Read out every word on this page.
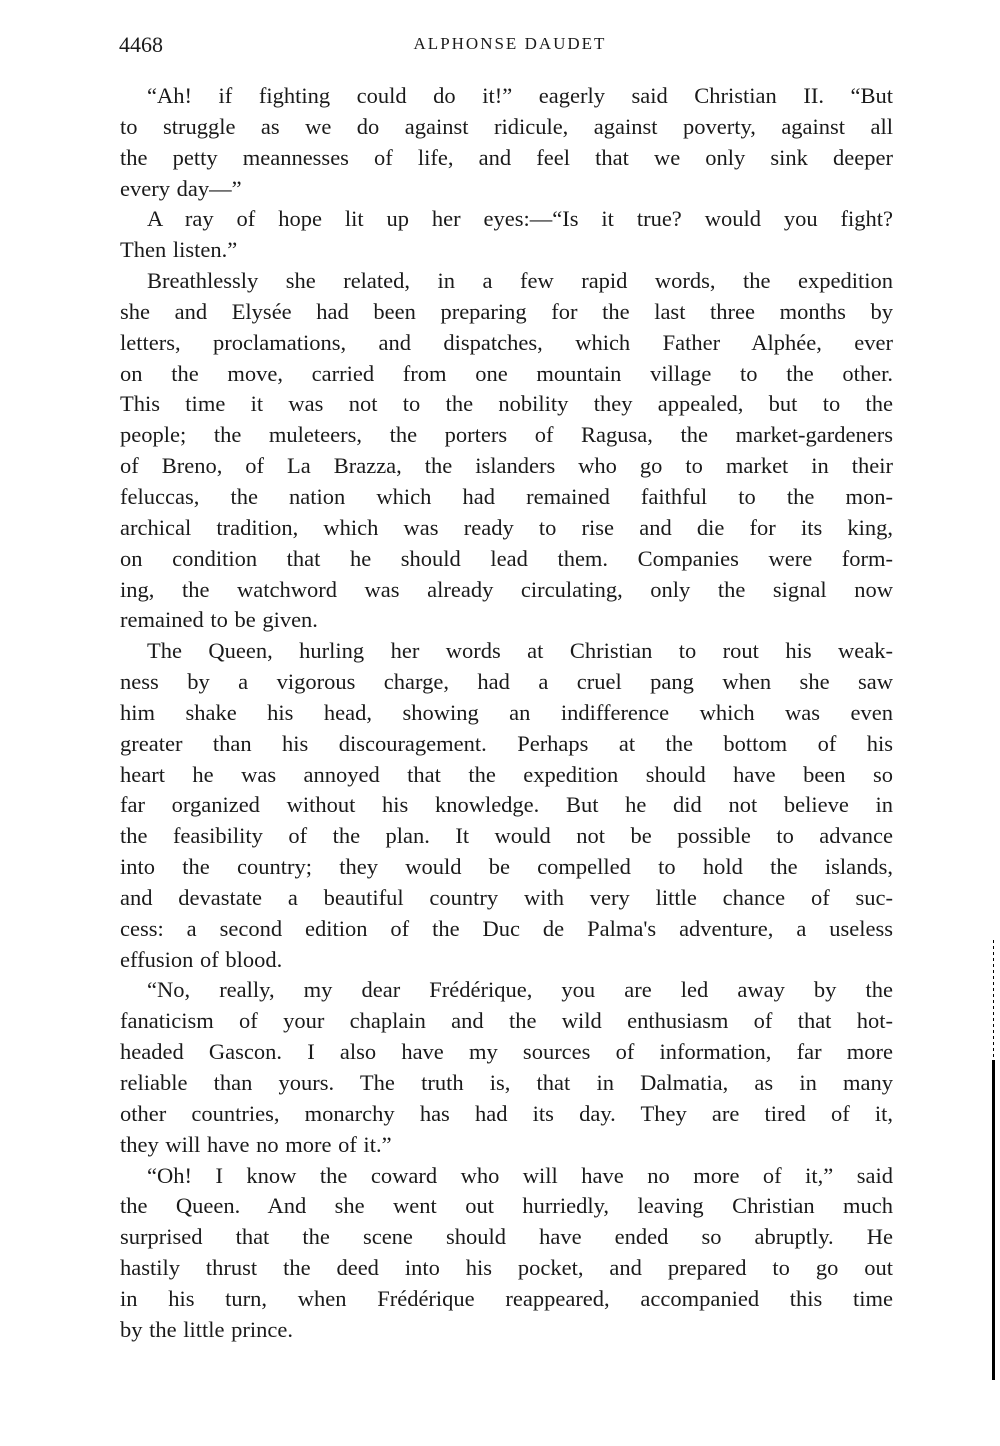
4468	ALPHONSE DAUDET
“Ah! if fighting could do it!” eagerly said Christian II. “But
to struggle as we do against ridicule, against poverty, against all
the petty meannesses of life, and feel that we only sink deeper
every day—”
A ray of hope lit up her eyes:—“Is it true? would you fight?
Then listen.”
Breathlessly she related, in a few rapid words, the expedition
she and Elysée had been preparing for the last three months by
letters, proclamations, and dispatches, which Father Alphée, ever
on the move, carried from one mountain village to the other.
This time it was not to the nobility they appealed, but to the
people; the muleteers, the porters of Ragusa, the market-gardeners
of Breno, of La Brazza, the islanders who go to market in their
feluccas, the nation which had remained faithful to the mon-
archical tradition, which was ready to rise and die for its king,
on condition that he should lead them. Companies were form-
ing, the watchword was already circulating, only the signal now
remained to be given.
The Queen, hurling her words at Christian to rout his weak-
ness by a vigorous charge, had a cruel pang when she saw
him shake his head, showing an indifference which was even
greater than his discouragement. Perhaps at the bottom of his
heart he was annoyed that the expedition should have been so
far organized without his knowledge. But he did not believe in
the feasibility of the plan. It would not be possible to advance
into the country; they would be compelled to hold the islands,
and devastate a beautiful country with very little chance of suc-
cess: a second edition of the Duc de Palma's adventure, a useless
effusion of blood.
“No, really, my dear Frédérique, you are led away by the
fanaticism of your chaplain and the wild enthusiasm of that hot-
headed Gascon. I also have my sources of information, far more
reliable than yours. The truth is, that in Dalmatia, as in many
other countries, monarchy has had its day. They are tired of it,
they will have no more of it.”
“Oh! I know the coward who will have no more of it,” said
the Queen. And she went out hurriedly, leaving Christian much
surprised that the scene should have ended so abruptly. He
hastily thrust the deed into his pocket, and prepared to go out
in his turn, when Frédérique reappeared, accompanied this time
by the little prince.
